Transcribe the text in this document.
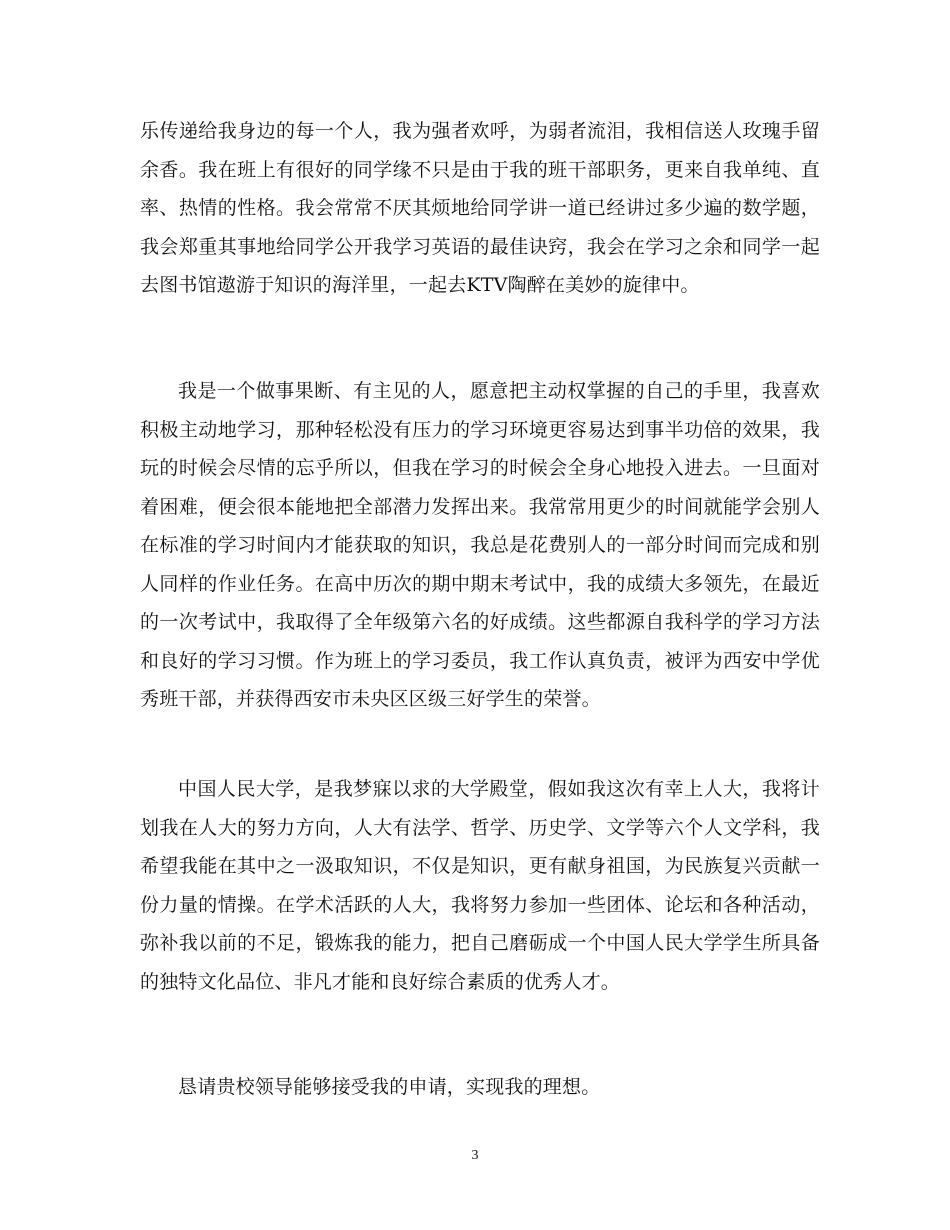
乐传递给我身边的每一个人，我为强者欢呼，为弱者流泪，我相信送人玫瑰手留余香。我在班上有很好的同学缘不只是由于我的班干部职务，更来自我单纯、直率、热情的性格。我会常常不厌其烦地给同学讲一道已经讲过多少遍的数学题，我会郑重其事地给同学公开我学习英语的最佳诀窍，我会在学习之余和同学一起去图书馆遨游于知识的海洋里，一起去KTV陶醉在美妙的旋律中。

我是一个做事果断、有主见的人，愿意把主动权掌握的自己的手里，我喜欢积极主动地学习，那种轻松没有压力的学习环境更容易达到事半功倍的效果，我玩的时候会尽情的忘乎所以，但我在学习的时候会全身心地投入进去。一旦面对着困难，便会很本能地把全部潜力发挥出来。我常常用更少的时间就能学会别人在标准的学习时间内才能获取的知识，我总是花费别人的一部分时间而完成和别人同样的作业任务。在高中历次的期中期末考试中，我的成绩大多领先，在最近的一次考试中，我取得了全年级第六名的好成绩。这些都源自我科学的学习方法和良好的学习习惯。作为班上的学习委员，我工作认真负责，被评为西安中学优秀班干部，并获得西安市未央区区级三好学生的荣誉。

中国人民大学，是我梦寐以求的大学殿堂，假如我这次有幸上人大，我将计划我在人大的努力方向，人大有法学、哲学、历史学、文学等六个人文学科，我希望我能在其中之一汲取知识，不仅是知识，更有献身祖国，为民族复兴贡献一份力量的情操。在学术活跃的人大，我将努力参加一些团体、论坛和各种活动，弥补我以前的不足，锻炼我的能力，把自己磨砺成一个中国人民大学学生所具备的独特文化品位、非凡才能和良好综合素质的优秀人才。

恳请贵校领导能够接受我的申请，实现我的理想。

3
